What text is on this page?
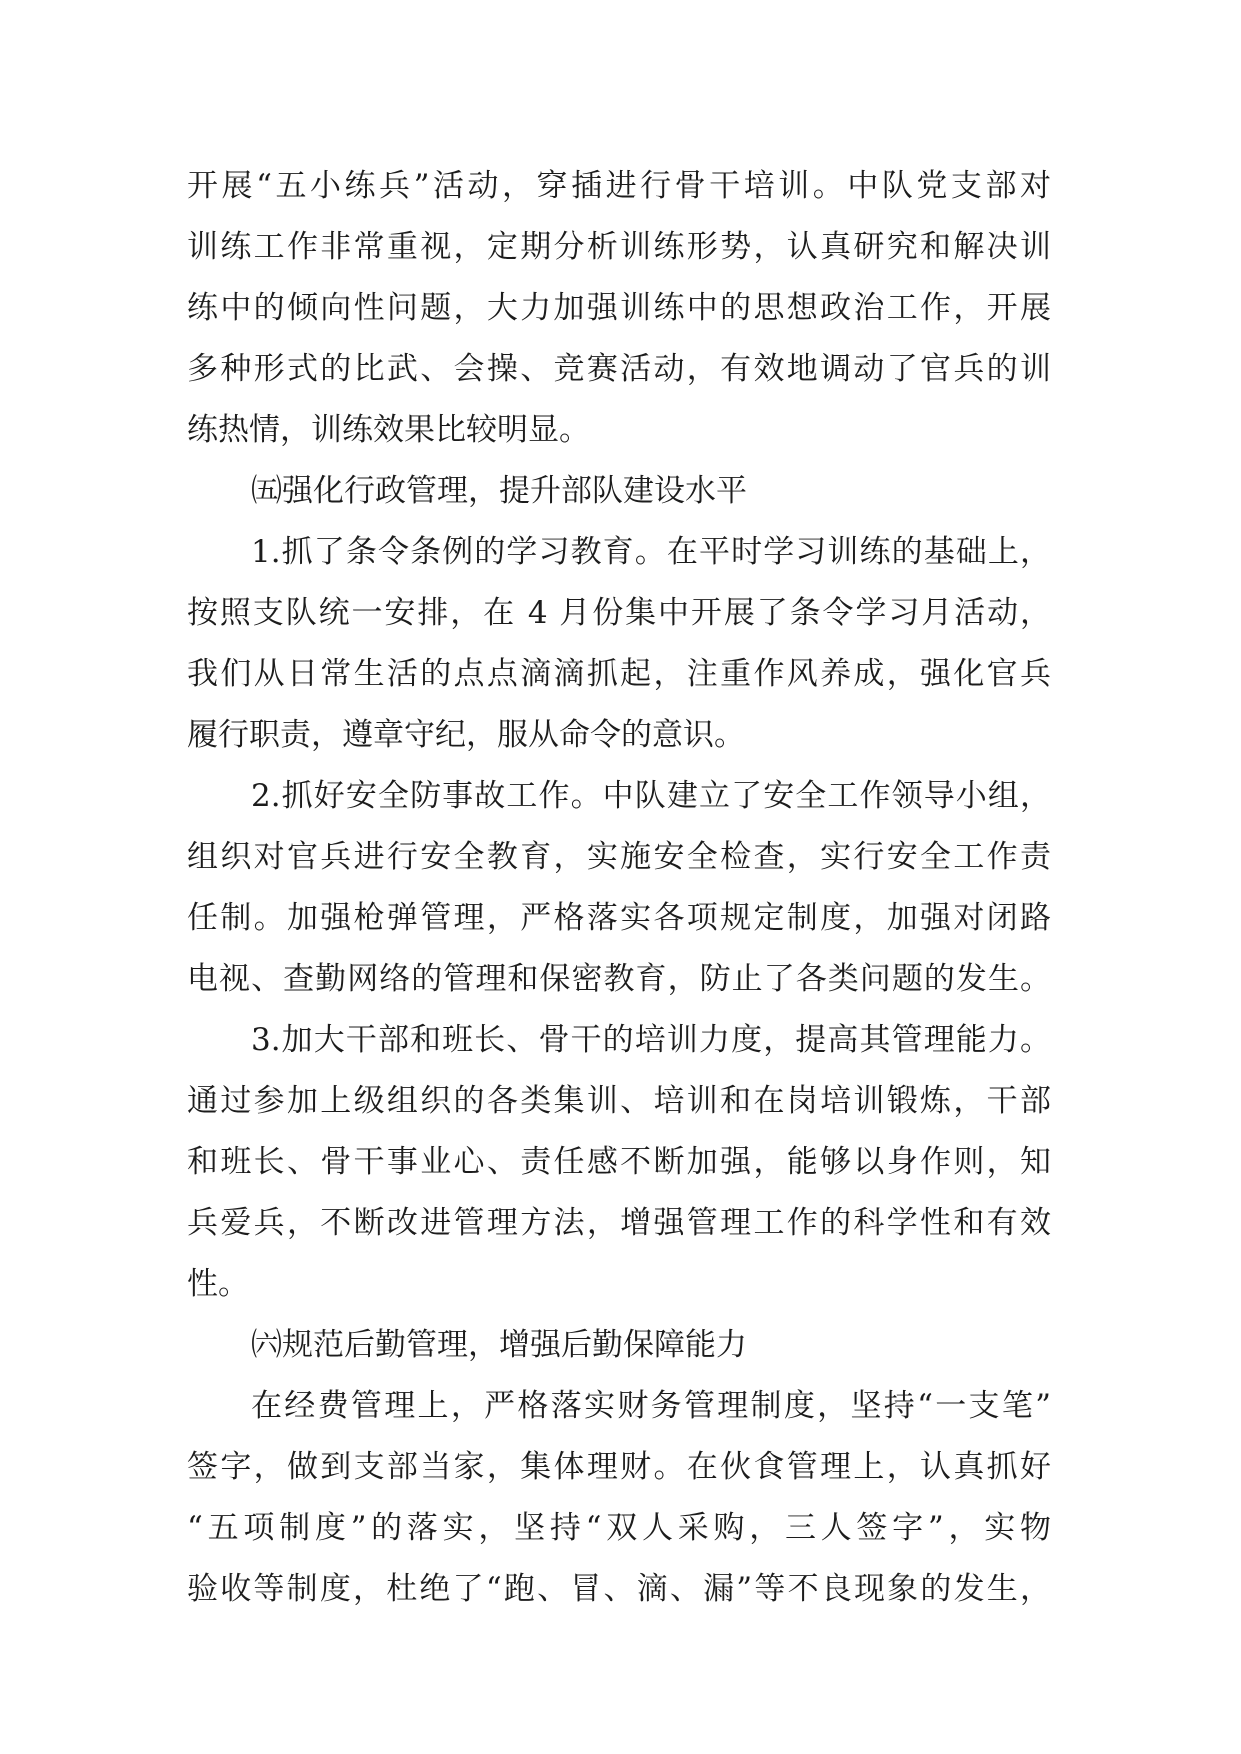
开展“五小练兵”活动，穿插进行骨干培训。中队党支部对
训练工作非常重视，定期分析训练形势，认真研究和解决训
练中的倾向性问题，大力加强训练中的思想政治工作，开展
多种形式的比武、会操、竞赛活动，有效地调动了官兵的训
练热情，训练效果比较明显。
㈤强化行政管理，提升部队建设水平
1.抓了条令条例的学习教育。在平时学习训练的基础上，
按照支队统一安排，在 4 月份集中开展了条令学习月活动，
我们从日常生活的点点滴滴抓起，注重作风养成，强化官兵
履行职责，遵章守纪，服从命令的意识。
2.抓好安全防事故工作。中队建立了安全工作领导小组，
组织对官兵进行安全教育，实施安全检查，实行安全工作责
任制。加强枪弹管理，严格落实各项规定制度，加强对闭路
电视、查勤网络的管理和保密教育，防止了各类问题的发生。
3.加大干部和班长、骨干的培训力度，提高其管理能力。
通过参加上级组织的各类集训、培训和在岗培训锻炼，干部
和班长、骨干事业心、责任感不断加强，能够以身作则，知
兵爱兵，不断改进管理方法，增强管理工作的科学性和有效
性。
㈥规范后勤管理，增强后勤保障能力
在经费管理上，严格落实财务管理制度，坚持“一支笔”
签字，做到支部当家，集体理财。在伙食管理上，认真抓好
“五项制度”的落实，坚持“双人采购，三人签字”，实物
验收等制度，杜绝了“跑、冒、滴、漏”等不良现象的发生，
